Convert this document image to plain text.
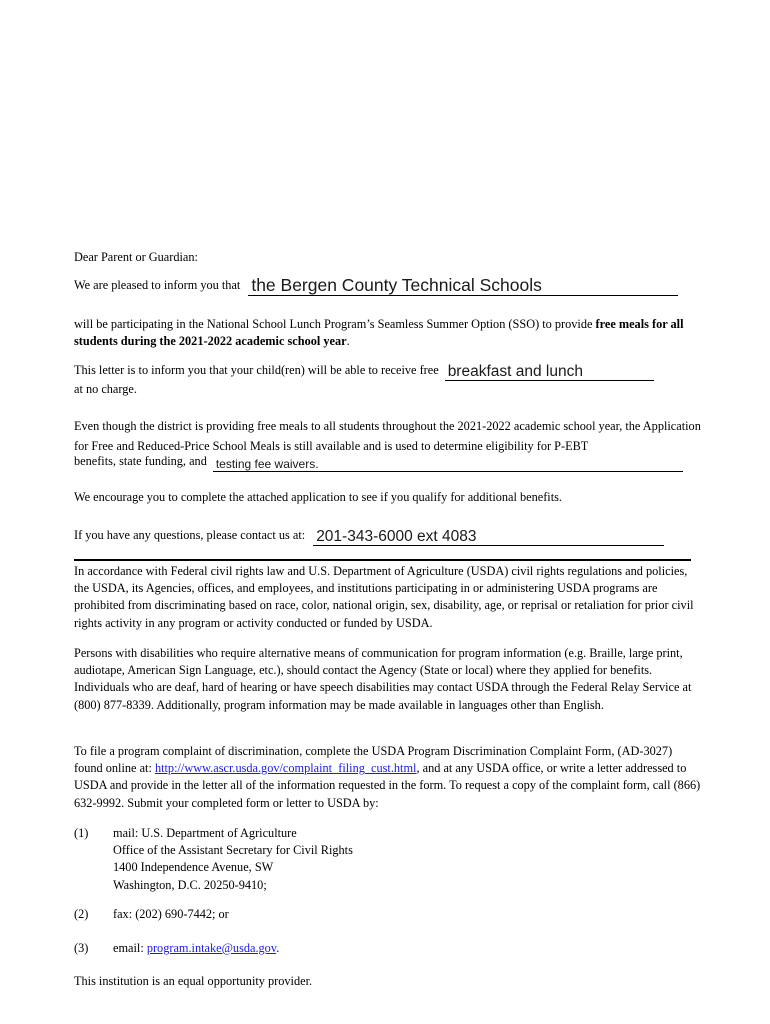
Dear Parent or Guardian:

We are pleased to inform you that the Bergen County Technical Schools

will be participating in the National School Lunch Program’s Seamless Summer Option (SSO) to provide free meals for all students during the 2021-2022 academic school year.

This letter is to inform you that your child(ren) will be able to receive free breakfast and lunch

at no charge.

Even though the district is providing free meals to all students throughout the 2021-2022 academic school year, the Application for Free and Reduced-Price School Meals is still available and is used to determine eligibility for P-EBT

benefits, state funding, and testing fee waivers.

We encourage you to complete the attached application to see if you qualify for additional benefits.

If you have any questions, please contact us at: 201-343-6000 ext 4083

In accordance with Federal civil rights law and U.S. Department of Agriculture (USDA) civil rights regulations and policies, the USDA, its Agencies, offices, and employees, and institutions participating in or administering USDA programs are prohibited from discriminating based on race, color, national origin, sex, disability, age, or reprisal or retaliation for prior civil rights activity in any program or activity conducted or funded by USDA.

Persons with disabilities who require alternative means of communication for program information (e.g. Braille, large print, audiotape, American Sign Language, etc.), should contact the Agency (State or local) where they applied for benefits. Individuals who are deaf, hard of hearing or have speech disabilities may contact USDA through the Federal Relay Service at (800) 877-8339. Additionally, program information may be made available in languages other than English.

To file a program complaint of discrimination, complete the USDA Program Discrimination Complaint Form, (AD-3027) found online at: http://www.ascr.usda.gov/complaint_filing_cust.html, and at any USDA office, or write a letter addressed to USDA and provide in the letter all of the information requested in the form. To request a copy of the complaint form, call (866) 632-9992. Submit your completed form or letter to USDA by:

(1) mail: U.S. Department of Agriculture
Office of the Assistant Secretary for Civil Rights
1400 Independence Avenue, SW
Washington, D.C. 20250-9410;
(2) fax: (202) 690-7442; or
(3) email: program.intake@usda.gov.

This institution is an equal opportunity provider.
